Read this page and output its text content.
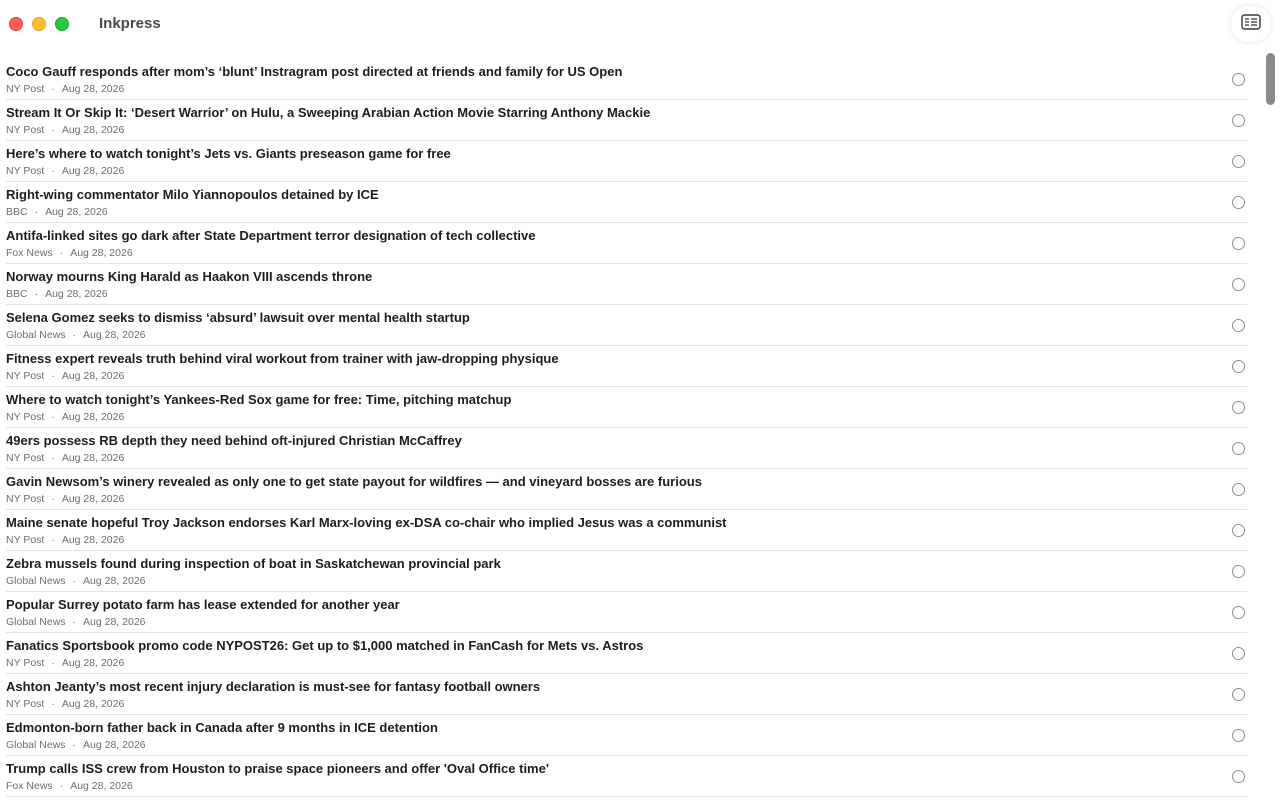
Inkpress
Coco Gauff responds after mom’s ‘blunt’ Instragram post directed at friends and family for US Open
NY Post · Aug 28, 2026
Stream It Or Skip It: ‘Desert Warrior’ on Hulu, a Sweeping Arabian Action Movie Starring Anthony Mackie
NY Post · Aug 28, 2026
Here’s where to watch tonight’s Jets vs. Giants preseason game for free
NY Post · Aug 28, 2026
Right-wing commentator Milo Yiannopoulos detained by ICE
BBC · Aug 28, 2026
Antifa-linked sites go dark after State Department terror designation of tech collective
Fox News · Aug 28, 2026
Norway mourns King Harald as Haakon VIII ascends throne
BBC · Aug 28, 2026
Selena Gomez seeks to dismiss ‘absurd’ lawsuit over mental health startup
Global News · Aug 28, 2026
Fitness expert reveals truth behind viral workout from trainer with jaw-dropping physique
NY Post · Aug 28, 2026
Where to watch tonight’s Yankees-Red Sox game for free: Time, pitching matchup
NY Post · Aug 28, 2026
49ers possess RB depth they need behind oft-injured Christian McCaffrey
NY Post · Aug 28, 2026
Gavin Newsom’s winery revealed as only one to get state payout for wildfires — and vineyard bosses are furious
NY Post · Aug 28, 2026
Maine senate hopeful Troy Jackson endorses Karl Marx-loving ex-DSA co-chair who implied Jesus was a communist
NY Post · Aug 28, 2026
Zebra mussels found during inspection of boat in Saskatchewan provincial park
Global News · Aug 28, 2026
Popular Surrey potato farm has lease extended for another year
Global News · Aug 28, 2026
Fanatics Sportsbook promo code NYPOST26: Get up to $1,000 matched in FanCash for Mets vs. Astros
NY Post · Aug 28, 2026
Ashton Jeanty’s most recent injury declaration is must-see for fantasy football owners
NY Post · Aug 28, 2026
Edmonton-born father back in Canada after 9 months in ICE detention
Global News · Aug 28, 2026
Trump calls ISS crew from Houston to praise space pioneers and offer 'Oval Office time'
Fox News · Aug 28, 2026
